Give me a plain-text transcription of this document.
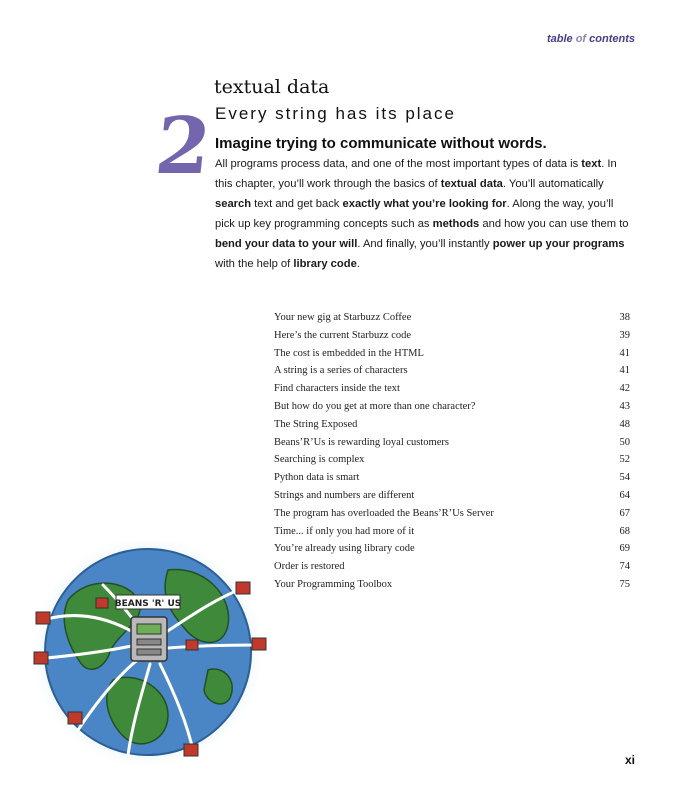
table of contents
2
textual data
Every string has its place
Imagine trying to communicate without words.
All programs process data, and one of the most important types of data is text. In this chapter, you’ll work through the basics of textual data. You’ll automatically search text and get back exactly what you’re looking for. Along the way, you’ll pick up key programming concepts such as methods and how you can use them to bend your data to your will. And finally, you’ll instantly power up your programs with the help of library code.
Your new gig at Starbuzz Coffee	38
Here’s the current Starbuzz code	39
The cost is embedded in the HTML	41
A string is a series of characters	41
Find characters inside the text	42
But how do you get at more than one character?	43
The String Exposed	48
Beans’R’Us is rewarding loyal customers	50
Searching is complex	52
Python data is smart	54
Strings and numbers are different	64
The program has overloaded the Beans’R’Us Server	67
Time... if only you had more of it	68
You’re already using library code	69
Order is restored	74
Your Programming Toolbox	75
BEANS 'R' US
xi
